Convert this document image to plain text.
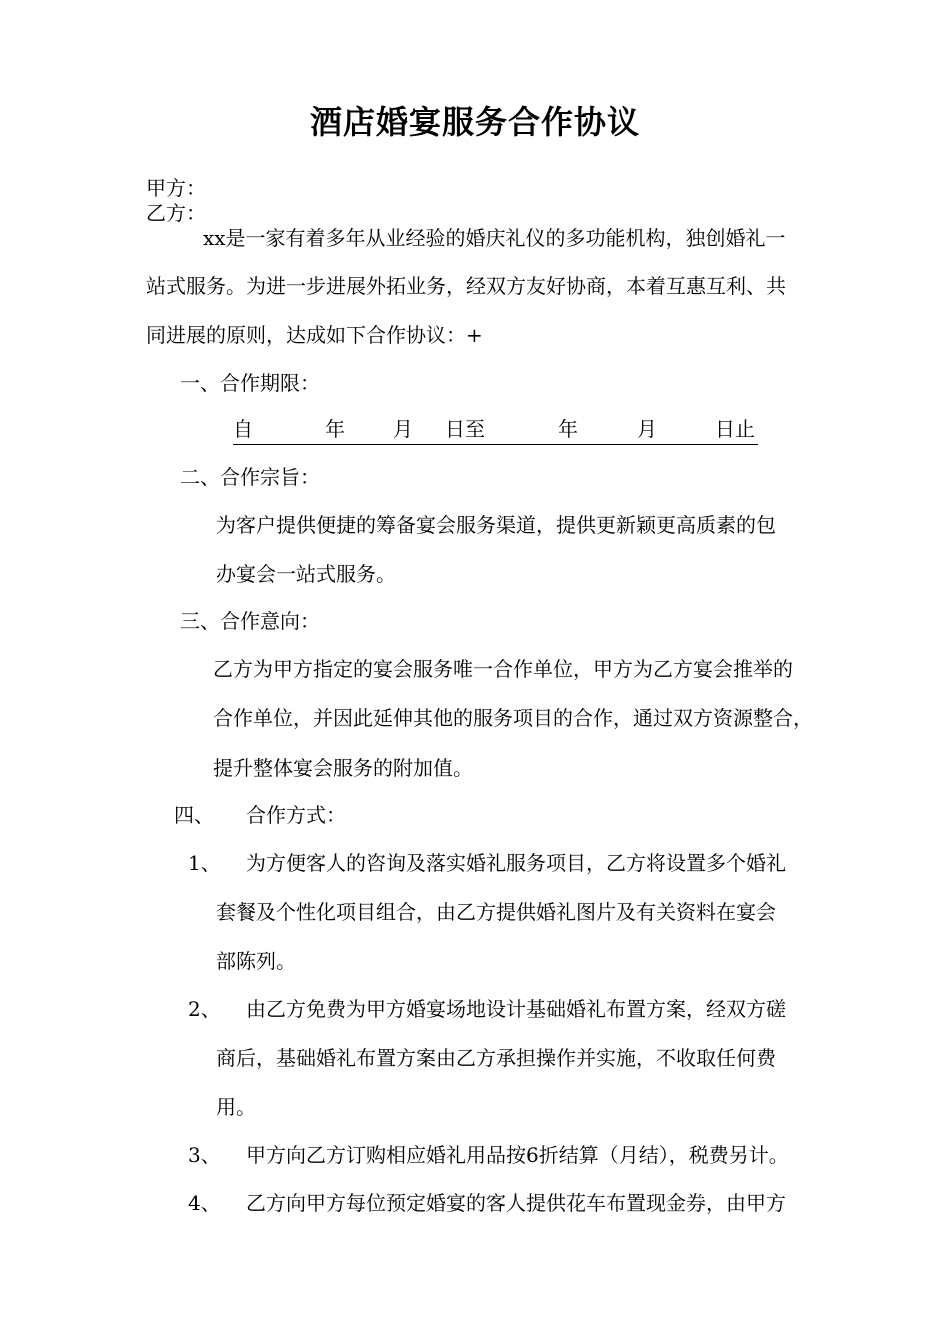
酒店婚宴服务合作协议
甲方：
乙方：
xx是一家有着多年从业经验的婚庆礼仪的多功能机构，独创婚礼一
站式服务。为进一步进展外拓业务，经双方友好协商，本着互惠互利、共
同进展的原则，达成如下合作协议：+
一、合作期限：
自	年 月 日至	年	月	日止
二、合作宗旨：
为客户提供便捷的筹备宴会服务渠道，提供更新颖更高质素的包
办宴会一站式服务。
三、合作意向：
乙方为甲方指定的宴会服务唯一合作单位，甲方为乙方宴会推举的
合作单位，并因此延伸其他的服务项目的合作，通过双方资源整合，
提升整体宴会服务的附加值。
四、 合作方式：
1、 为方便客人的咨询及落实婚礼服务项目，乙方将设置多个婚礼
套餐及个性化项目组合，由乙方提供婚礼图片及有关资料在宴会
部陈列。
2、 由乙方免费为甲方婚宴场地设计基础婚礼布置方案，经双方磋
商后，基础婚礼布置方案由乙方承担操作并实施，不收取任何费
用。
3、 甲方向乙方订购相应婚礼用品按6折结算（月结），税费另计。
4、 乙方向甲方每位预定婚宴的客人提供花车布置现金券，由甲方
